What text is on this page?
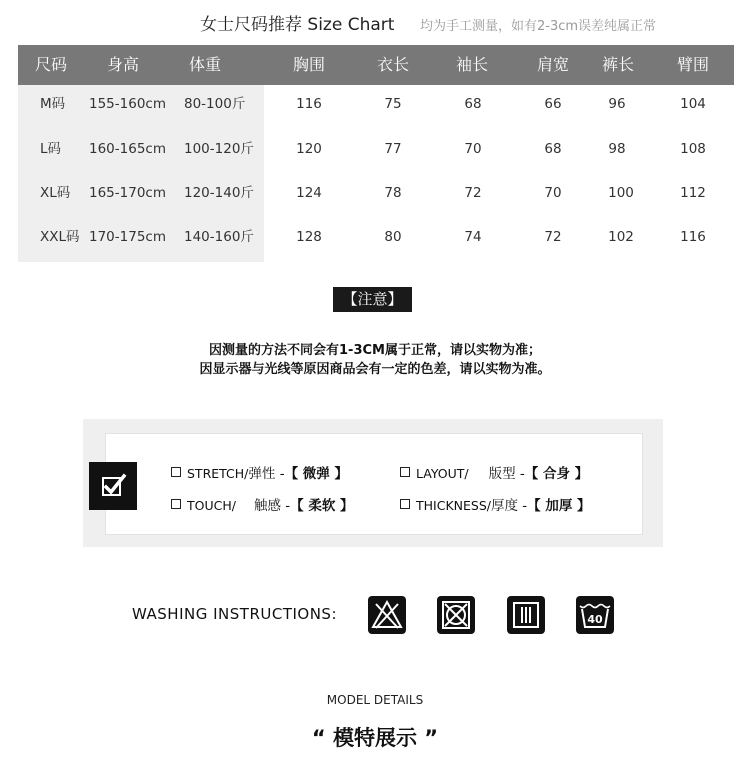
女士尺码推荐 Size Chart 均为手工测量，如有2-3cm误差纯属正常
尺码	身高	体重	胸围	衣长	袖长	肩宽	裤长	臂围
M码 155-160cm 80-100斤	116	75	68	66	96	104
L码 160-165cm 100-120斤	120	77	70	68	98	108
XL码 165-170cm 120-140斤	124	78	72	70	100	112
XXL码 170-175cm 140-160斤	128	80	74	72	102	116
【注意】
因测量的方法不同会有1-3CM属于正常，请以实物为准；
因显示器与光线等原因商品会有一定的色差，请以实物为准。
STRETCH/弹性 -【 微弹 】	LAYOUT/ 版型 -【 合身 】
TOUCH/ 触感 -【 柔软 】	THICKNESS/厚度 -【 加厚 】
WASHING INSTRUCTIONS:	40
MODEL DETAILS
“ 模特展示 ”
